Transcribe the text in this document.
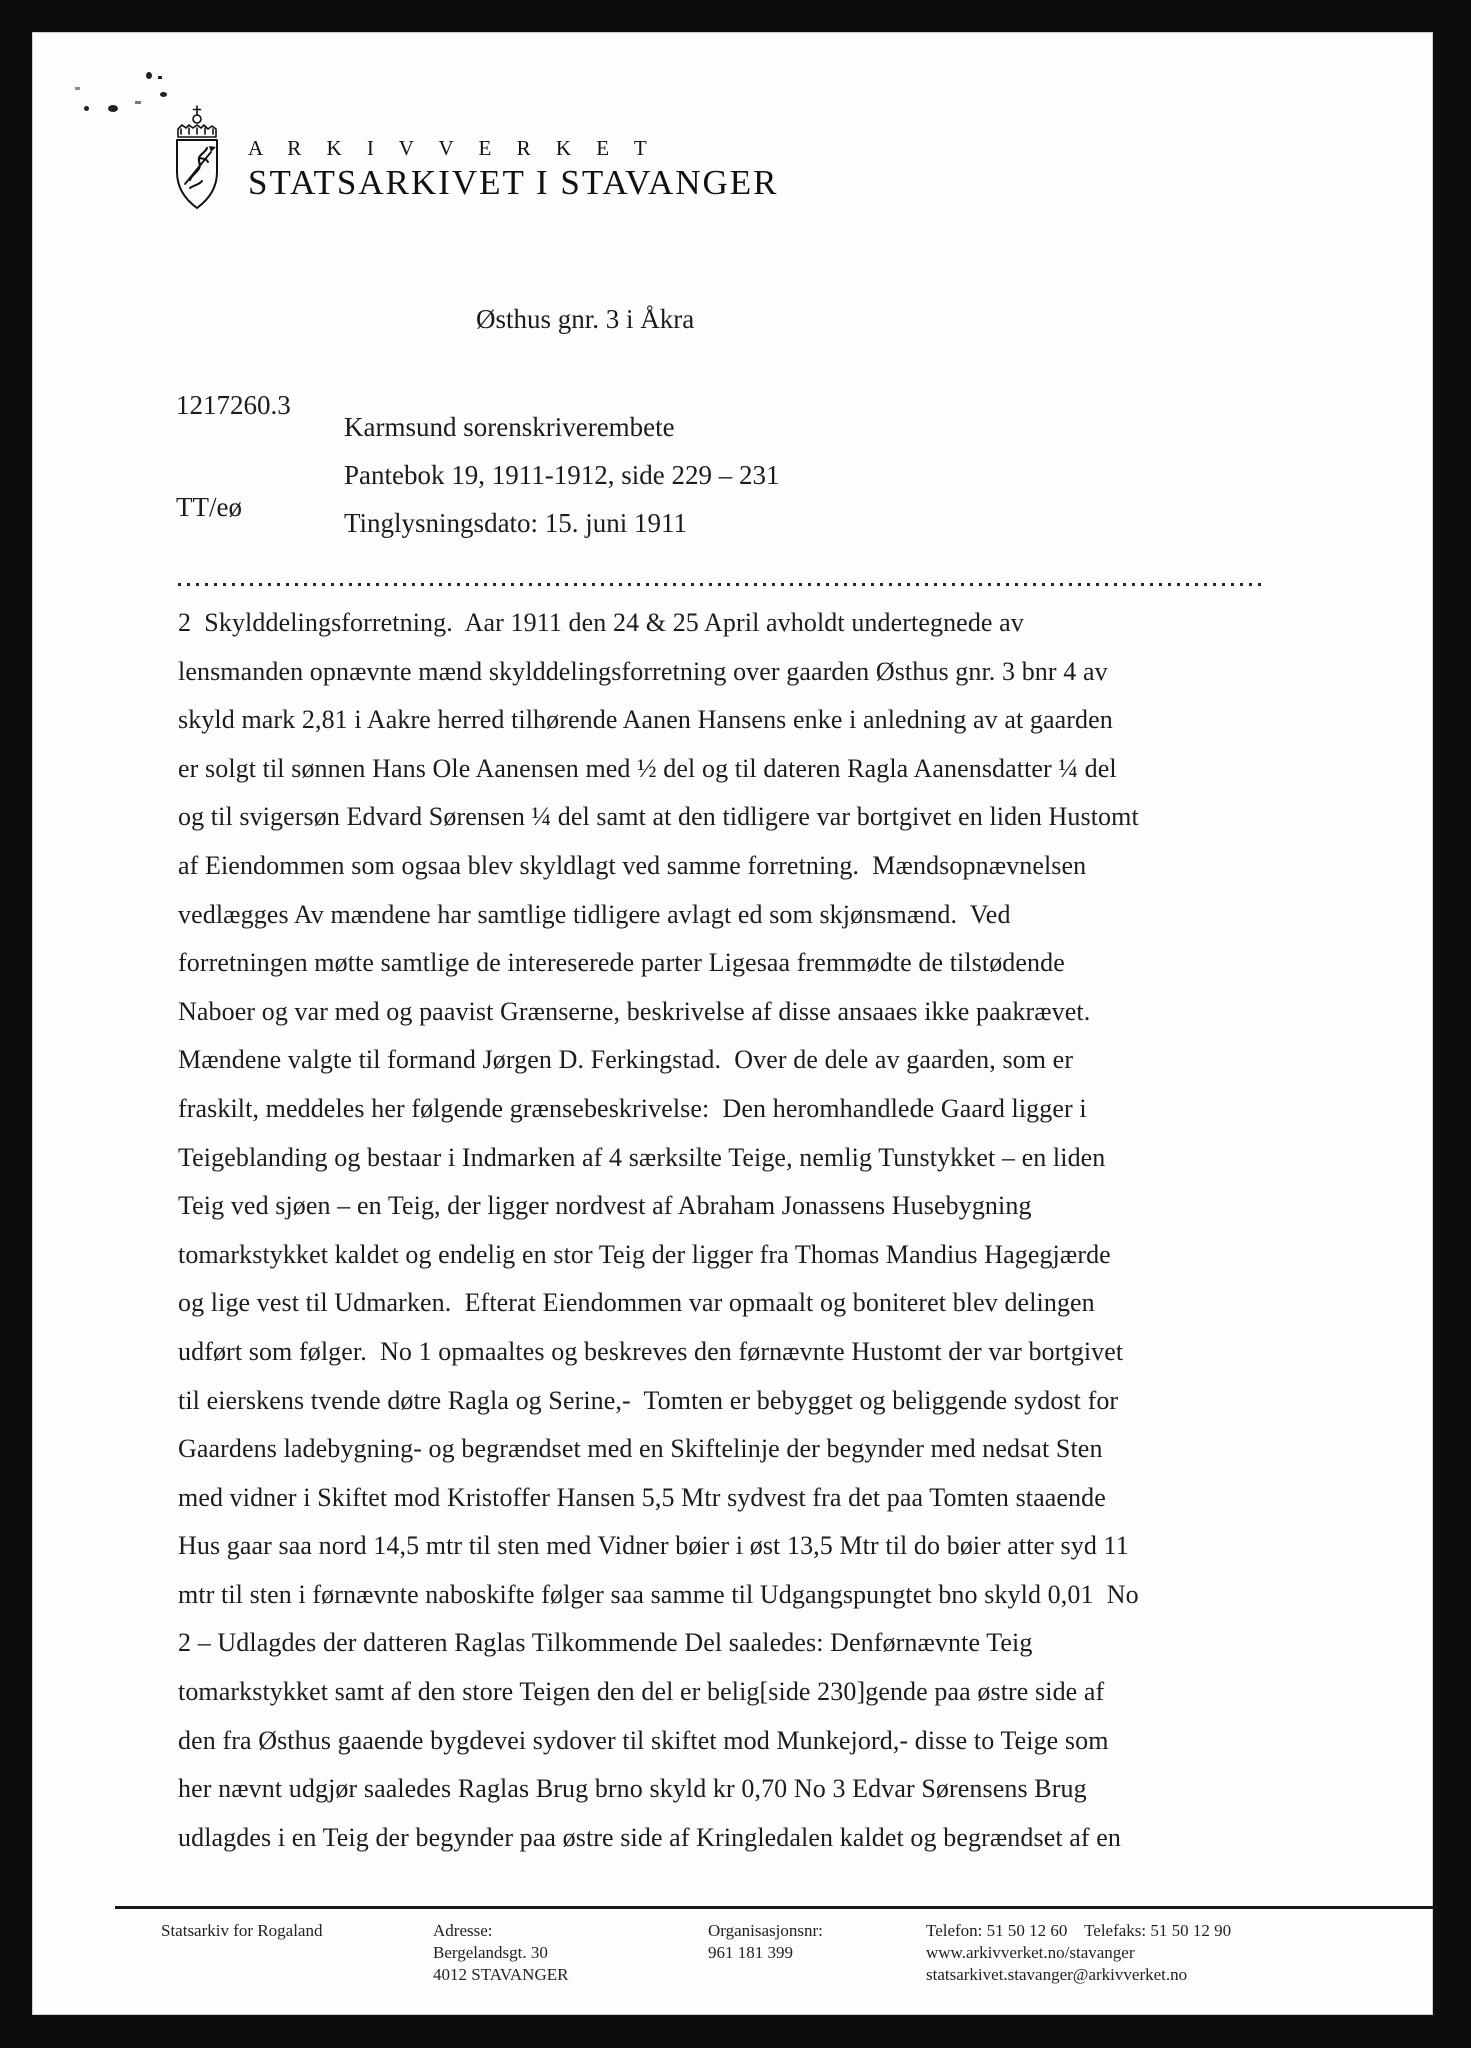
A R K I V V E R K E T
STATSARKIVET I STAVANGER
Østhus gnr. 3 i Åkra

1217260.3

TT/eø

Karmsund sorenskriverembete
Pantebok 19, 1911-1912, side 229 – 231
Tinglysningsdato: 15. juni 1911
2  Skylddelingsforretning.  Aar 1911 den 24 & 25 April avholdt undertegnede av
lensmanden opnævnte mænd skylddelingsforretning over gaarden Østhus gnr. 3 bnr 4 av
skyld mark 2,81 i Aakre herred tilhørende Aanen Hansens enke i anledning av at gaarden
er solgt til sønnen Hans Ole Aanensen med ½ del og til dateren Ragla Aanensdatter ¼ del
og til svigersøn Edvard Sørensen ¼ del samt at den tidligere var bortgivet en liden Hustomt
af Eiendommen som ogsaa blev skyldlagt ved samme forretning.  Mændsopnævnelsen
vedlægges Av mændene har samtlige tidligere avlagt ed som skjønsmænd.  Ved
forretningen møtte samtlige de intereserede parter Ligesaa fremmødte de tilstødende
Naboer og var med og paavist Grænserne, beskrivelse af disse ansaaes ikke paakrævet.
Mændene valgte til formand Jørgen D. Ferkingstad.  Over de dele av gaarden, som er
fraskilt, meddeles her følgende grænsebeskrivelse:  Den heromhandlede Gaard ligger i
Teigeblanding og bestaar i Indmarken af 4 særksilte Teige, nemlig Tunstykket – en liden
Teig ved sjøen – en Teig, der ligger nordvest af Abraham Jonassens Husebygning
tomarkstykket kaldet og endelig en stor Teig der ligger fra Thomas Mandius Hagegjærde
og lige vest til Udmarken.  Efterat Eiendommen var opmaalt og boniteret blev delingen
udført som følger.  No 1 opmaaltes og beskreves den førnævnte Hustomt der var bortgivet
til eierskens tvende døtre Ragla og Serine,-  Tomten er bebygget og beliggende sydost for
Gaardens ladebygning- og begrændset med en Skiftelinje der begynder med nedsat Sten
med vidner i Skiftet mod Kristoffer Hansen 5,5 Mtr sydvest fra det paa Tomten staaende
Hus gaar saa nord 14,5 mtr til sten med Vidner bøier i øst 13,5 Mtr til do bøier atter syd 11
mtr til sten i førnævnte naboskifte følger saa samme til Udgangspungtet bno skyld 0,01  No
2 – Udlagdes der datteren Raglas Tilkommende Del saaledes: Denførnævnte Teig
tomarkstykket samt af den store Teigen den del er belig[side 230]gende paa østre side af
den fra Østhus gaaende bygdevei sydover til skiftet mod Munkejord,- disse to Teige som
her nævnt udgjør saaledes Raglas Brug brno skyld kr 0,70 No 3 Edvar Sørensens Brug
udlagdes i en Teig der begynder paa østre side af Kringledalen kaldet og begrændset af en
Statsarkiv for Rogaland	Adresse:
Bergelandsgt. 30
4012 STAVANGER
Organisasjonsnr:
961 181 399
Telefon: 51 50 12 60    Telefaks: 51 50 12 90
www.arkivverket.no/stavanger
statsarkivet.stavanger@arkivverket.no
